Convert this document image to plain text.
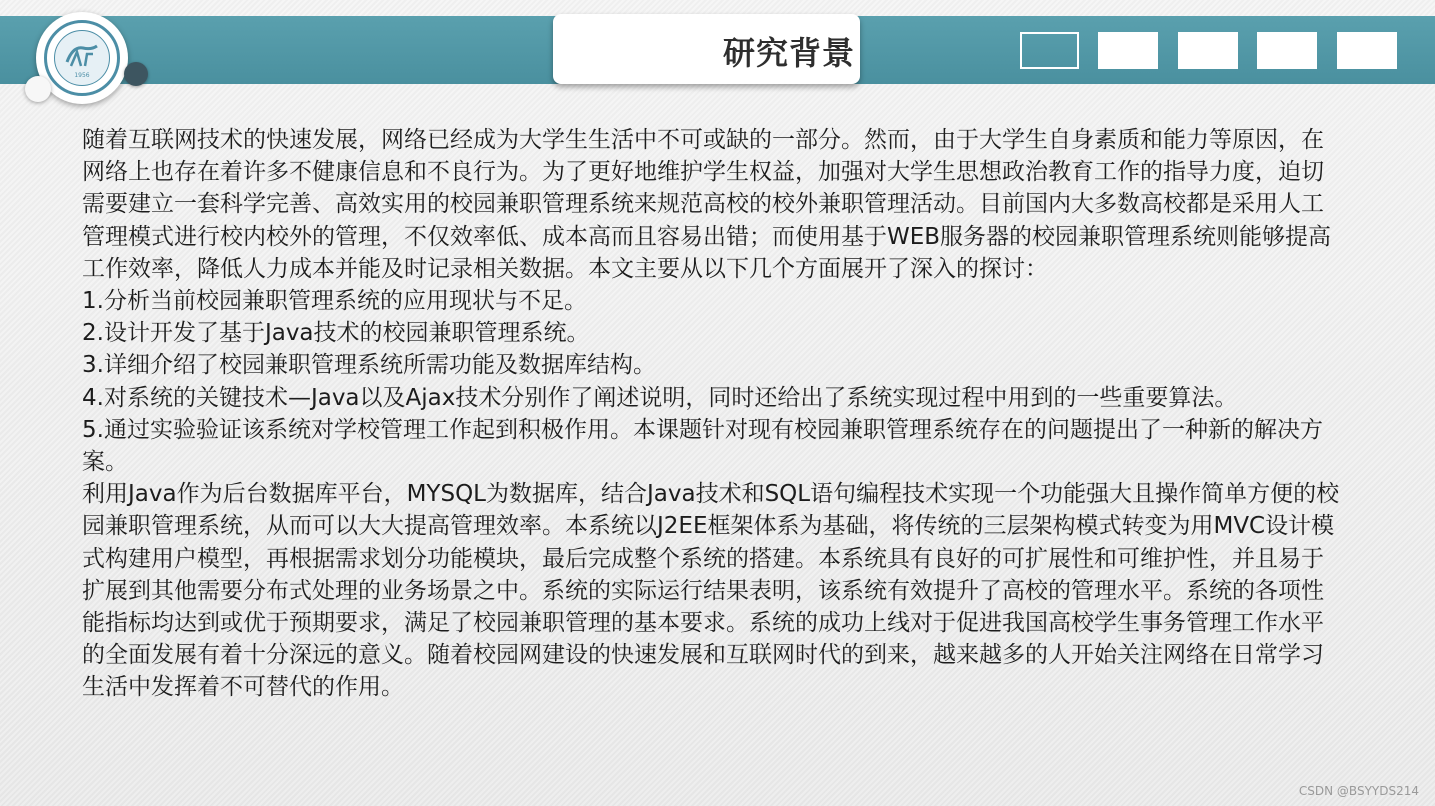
1956
研究背景

随着互联网技术的快速发展，网络已经成为大学生生活中不可或缺的一部分。然而，由于大学生自身素质和能力等原因，在网络上也存在着许多不健康信息和不良行为。为了更好地维护学生权益，加强对大学生思想政治教育工作的指导力度，迫切需要建立一套科学完善、高效实用的校园兼职管理系统来规范高校的校外兼职管理活动。目前国内大多数高校都是采用人工管理模式进行校内校外的管理，不仅效率低、成本高而且容易出错；而使用基于WEB服务器的校园兼职管理系统则能够提高工作效率，降低人力成本并能及时记录相关数据。本文主要从以下几个方面展开了深入的探讨：

1.分析当前校园兼职管理系统的应用现状与不足。

2.设计开发了基于Java技术的校园兼职管理系统。

3.详细介绍了校园兼职管理系统所需功能及数据库结构。

4.对系统的关键技术—Java以及Ajax技术分别作了阐述说明，同时还给出了系统实现过程中用到的一些重要算法。

5.通过实验验证该系统对学校管理工作起到积极作用。本课题针对现有校园兼职管理系统存在的问题提出了一种新的解决方案。

利用Java作为后台数据库平台，MYSQL为数据库，结合Java技术和SQL语句编程技术实现一个功能强大且操作简单方便的校园兼职管理系统，从而可以大大提高管理效率。本系统以J2EE框架体系为基础，将传统的三层架构模式转变为用MVC设计模式构建用户模型，再根据需求划分功能模块，最后完成整个系统的搭建。本系统具有良好的可扩展性和可维护性，并且易于扩展到其他需要分布式处理的业务场景之中。系统的实际运行结果表明，该系统有效提升了高校的管理水平。系统的各项性能指标均达到或优于预期要求，满足了校园兼职管理的基本要求。系统的成功上线对于促进我国高校学生事务管理工作水平的全面发展有着十分深远的意义。随着校园网建设的快速发展和互联网时代的到来，越来越多的人开始关注网络在日常学习生活中发挥着不可替代的作用。

CSDN @BSYYDS214
